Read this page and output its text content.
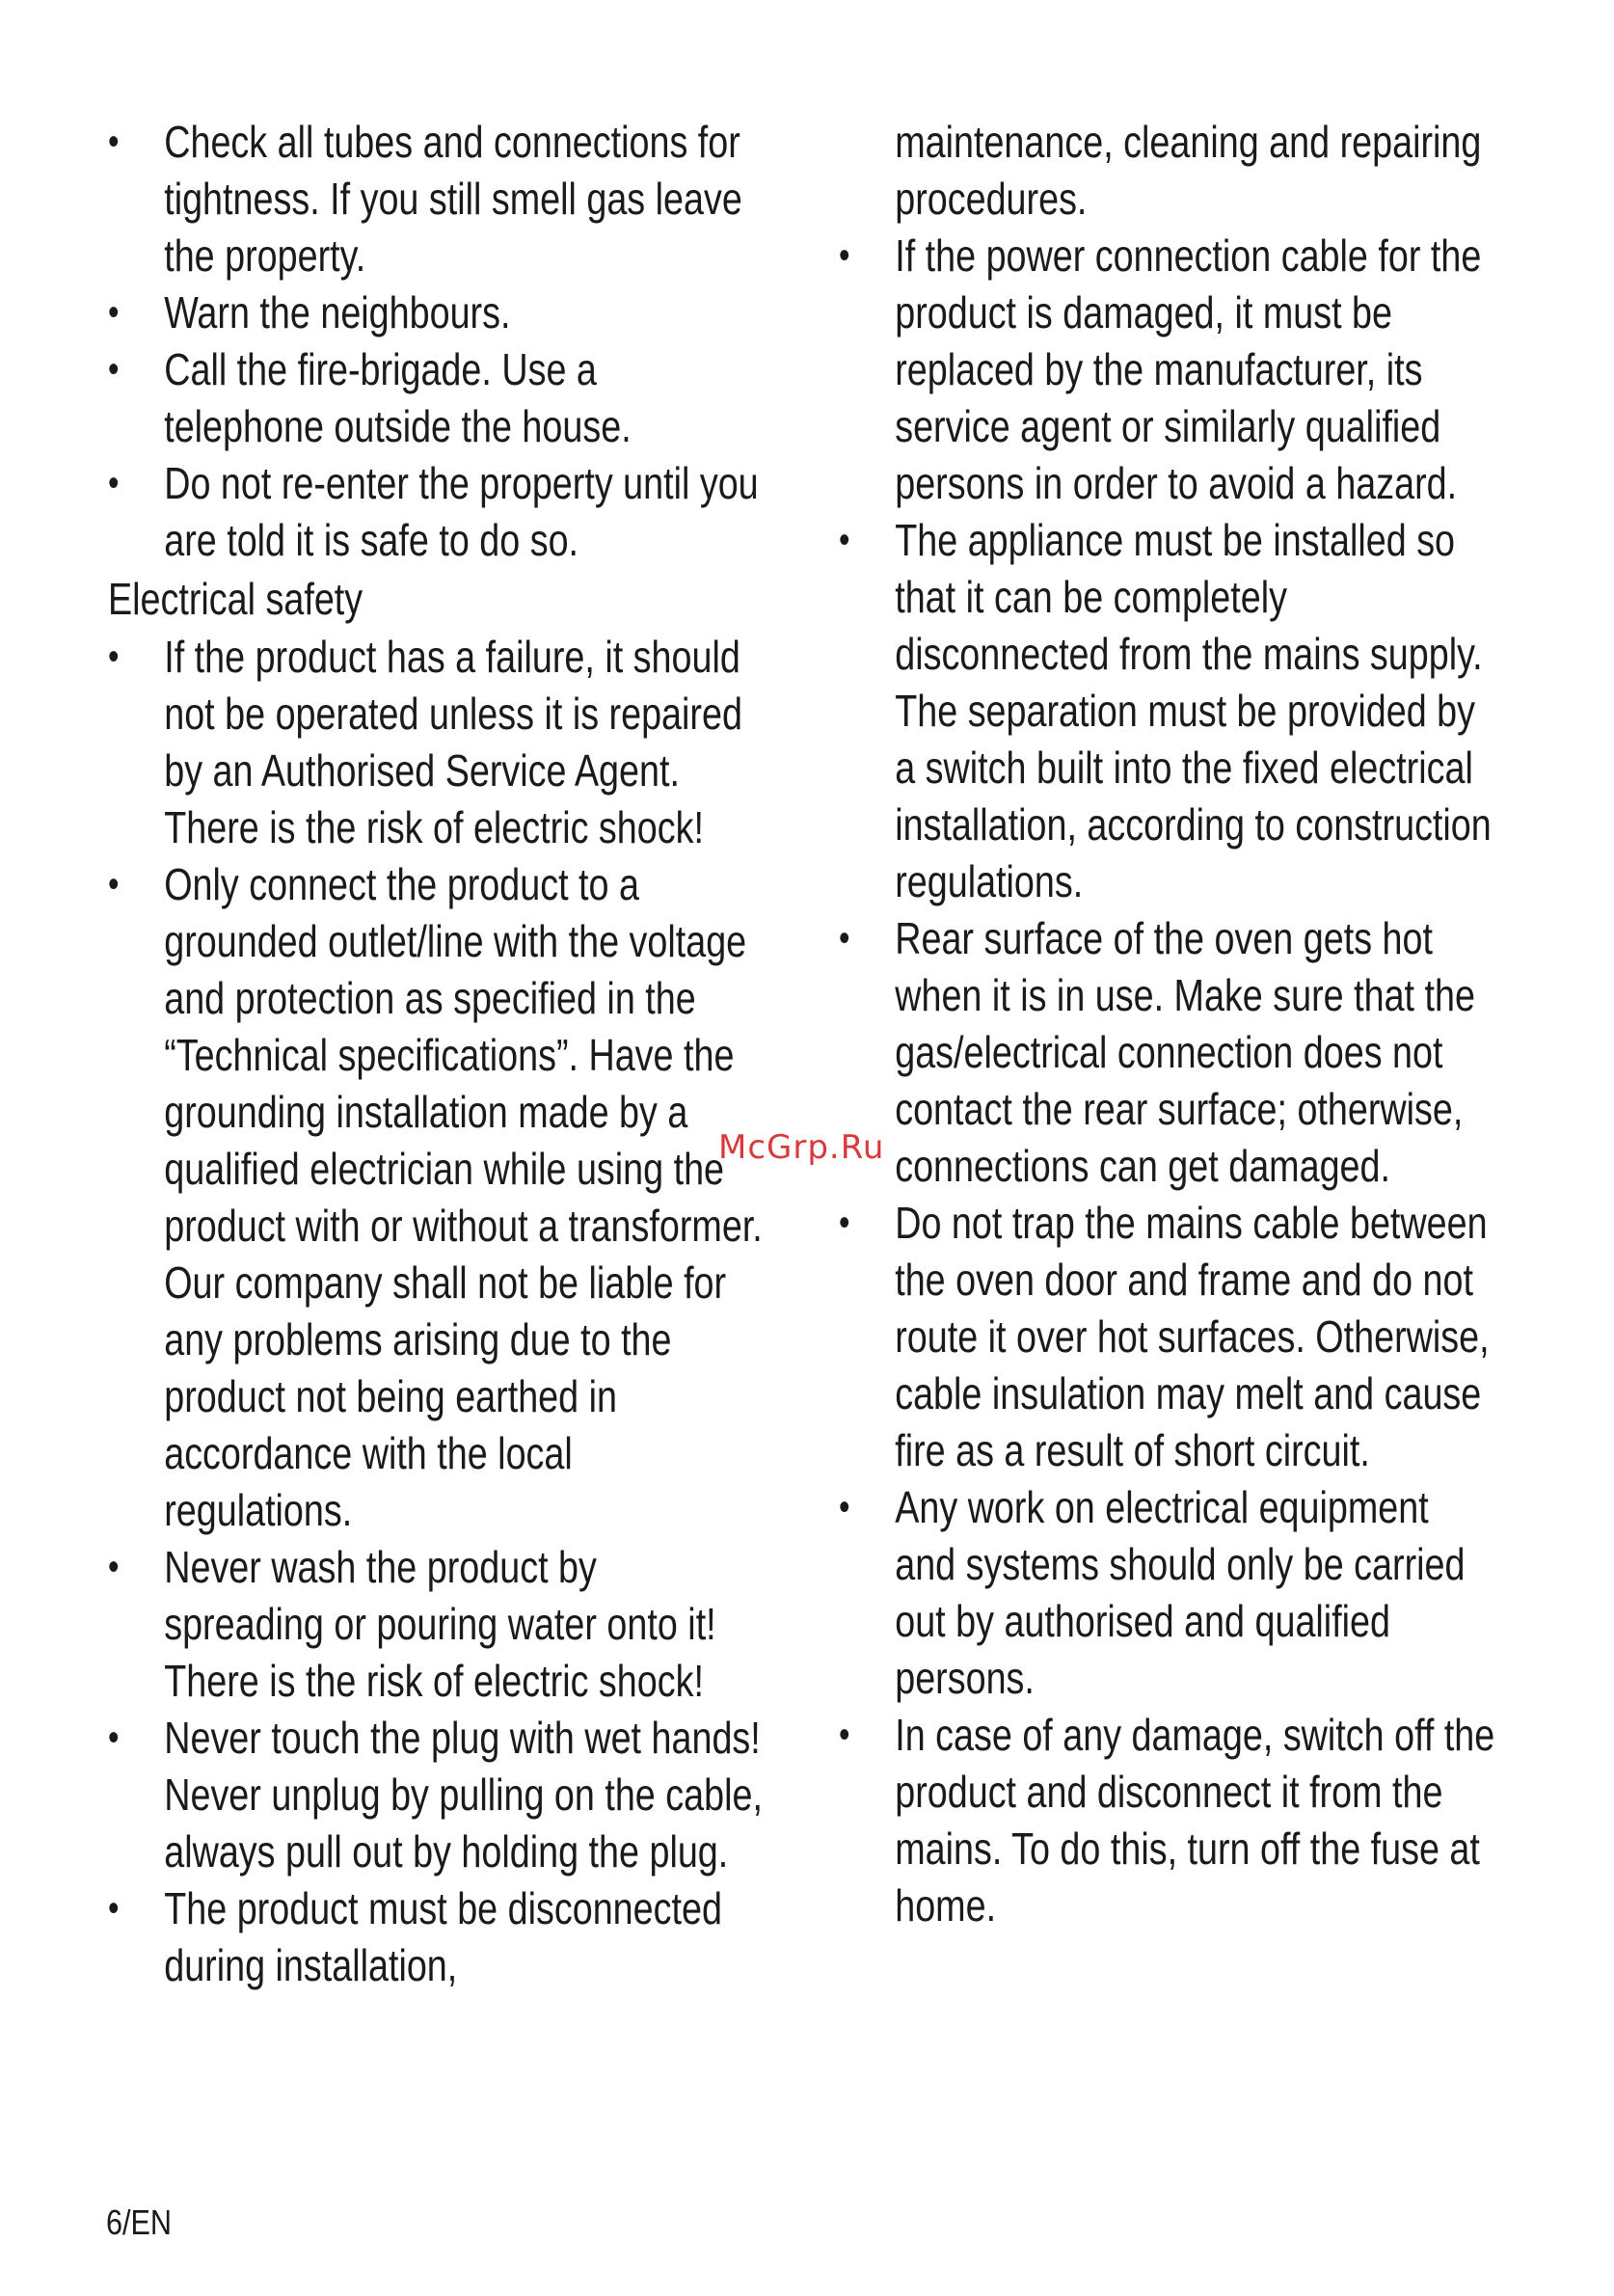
•	Check all tubes and connections for tightness. If you still smell gas leave the property.
•	Warn the neighbours.
•	Call the fire-brigade. Use a telephone outside the house.
•	Do not re-enter the property until you are told it is safe to do so.
Electrical safety
•	If the product has a failure, it should not be operated unless it is repaired by an Authorised Service Agent. There is the risk of electric shock!
•	Only connect the product to a grounded outlet/line with the voltage and protection as specified in the “Technical specifications”. Have the grounding installation made by a qualified electrician while using the product with or without a transformer. Our company shall not be liable for any problems arising due to the product not being earthed in accordance with the local regulations.
•	Never wash the product by spreading or pouring water onto it! There is the risk of electric shock!
•	Never touch the plug with wet hands! Never unplug by pulling on the cable, always pull out by holding the plug.
•	The product must be disconnected during installation,
maintenance, cleaning and repairing procedures.
•	If the power connection cable for the product is damaged, it must be replaced by the manufacturer, its service agent or similarly qualified persons in order to avoid a hazard.
•	The appliance must be installed so that it can be completely disconnected from the mains supply. The separation must be provided by a switch built into the fixed electrical installation, according to construction regulations.
•	Rear surface of the oven gets hot when it is in use. Make sure that the gas/electrical connection does not contact the rear surface; otherwise, connections can get damaged.
•	Do not trap the mains cable between the oven door and frame and do not route it over hot surfaces. Otherwise, cable insulation may melt and cause fire as a result of short circuit.
•	Any work on electrical equipment and systems should only be carried out by authorised and qualified persons.
•	In case of any damage, switch off the product and disconnect it from the mains. To do this, turn off the fuse at home.
McGrp.Ru
6/EN
